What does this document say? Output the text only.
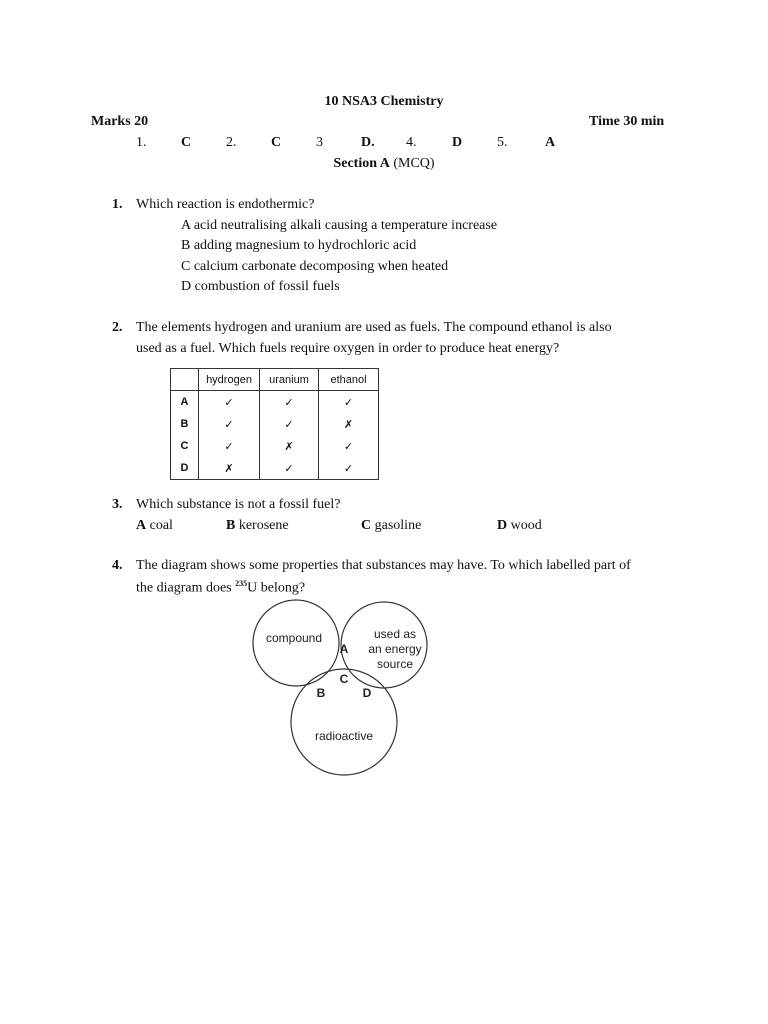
10 NSA3 Chemistry
Marks 20	Time 30 min
1. C 2. C 3	D. 4.	D 5.	A
Section A (MCQ)
1. Which reaction is endothermic?
A acid neutralising alkali causing a temperature increase
B adding magnesium to hydrochloric acid
C calcium carbonate decomposing when heated
D combustion of fossil fuels
2. The elements hydrogen and uranium are used as fuels. The compound ethanol is also
used as a fuel. Which fuels require oxygen in order to produce heat energy?
	hydrogen	uranium	ethanol
A	✓	✓	✓
B	✓	✓	✗
C	✓	✗	✓
D	✗	✓	✓
3. Which substance is not a fossil fuel?
A coal	B kerosene	C gasoline	D wood
4. The diagram shows some properties that substances may have. To which labelled part of
the diagram does $^{235}$U belong?
compound	used as
an energy
source
radioactive
A
C
B	D
